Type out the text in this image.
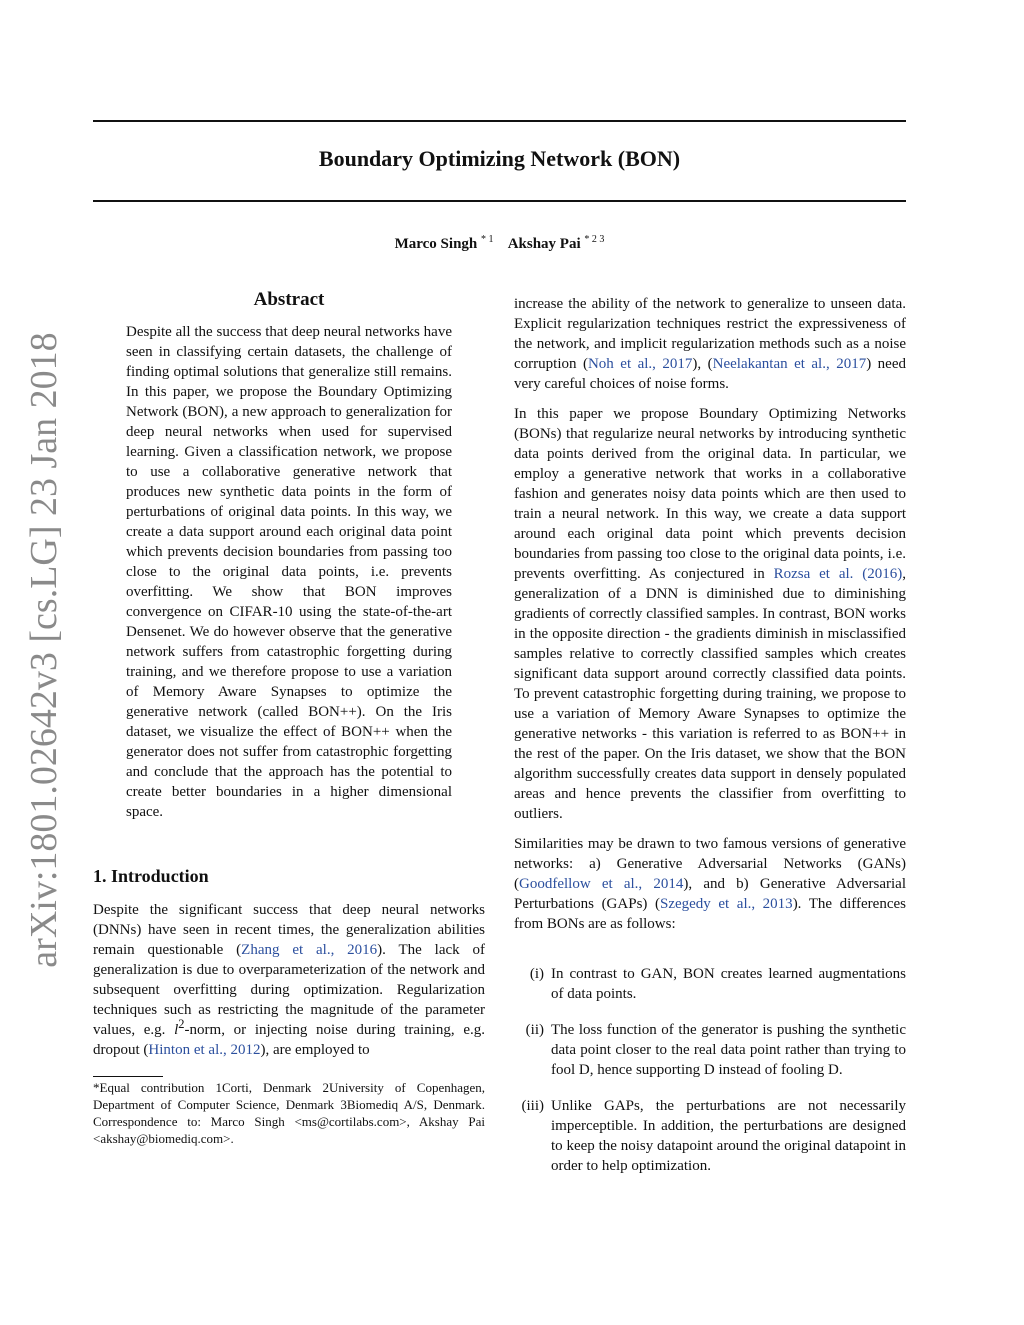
Boundary Optimizing Network (BON)
Marco Singh $^{* 1}$ Akshay Pai $^{* 2 3}$
arXiv:1801.02642v3 [cs.LG] 23 Jan 2018
Abstract
Despite all the success that deep neural networks have seen in classifying certain datasets, the challenge of finding optimal solutions that generalize still remains. In this paper, we propose the Boundary Optimizing Network (BON), a new approach to generalization for deep neural networks when used for supervised learning. Given a classification network, we propose to use a collaborative generative network that produces new synthetic data points in the form of perturbations of original data points. In this way, we create a data support around each original data point which prevents decision boundaries from passing too close to the original data points, i.e. prevents overfitting. We show that BON improves convergence on CIFAR-10 using the state-of-the-art Densenet. We do however observe that the generative network suffers from catastrophic forgetting during training, and we therefore propose to use a variation of Memory Aware Synapses to optimize the generative network (called BON++). On the Iris dataset, we visualize the effect of BON++ when the generator does not suffer from catastrophic forgetting and conclude that the approach has the potential to create better boundaries in a higher dimensional space.
1. Introduction

Despite the significant success that deep neural networks (DNNs) have seen in recent times, the generalization abilities remain questionable (Zhang et al., 2016). The lack of generalization is due to overparameterization of the network and subsequent overfitting during optimization. Regularization techniques such as restricting the magnitude of the parameter values, e.g. $l^2$-norm, or injecting noise during training, e.g. dropout (Hinton et al., 2012), are employed to

*Equal contribution 1Corti, Denmark 2University of Copenhagen, Department of Computer Science, Denmark 3Biomediq A/S, Denmark. Correspondence to: Marco Singh <ms@cortilabs.com>, Akshay Pai <akshay@biomediq.com>.

increase the ability of the network to generalize to unseen data. Explicit regularization techniques restrict the expressiveness of the network, and implicit regularization methods such as a noise corruption (Noh et al., 2017), (Neelakantan et al., 2017) need very careful choices of noise forms.

In this paper we propose Boundary Optimizing Networks (BONs) that regularize neural networks by introducing synthetic data points derived from the original data. In particular, we employ a generative network that works in a collaborative fashion and generates noisy data points which are then used to train a neural network. In this way, we create a data support around each original data point which prevents decision boundaries from passing too close to the original data points, i.e. prevents overfitting. As conjectured in Rozsa et al. (2016), generalization of a DNN is diminished due to diminishing gradients of correctly classified samples. In contrast, BON works in the opposite direction - the gradients diminish in misclassified samples relative to correctly classified samples which creates significant data support around correctly classified data points. To prevent catastrophic forgetting during training, we propose to use a variation of Memory Aware Synapses to optimize the generative networks - this variation is referred to as BON++ in the rest of the paper. On the Iris dataset, we show that the BON algorithm successfully creates data support in densely populated areas and hence prevents the classifier from overfitting to outliers.

Similarities may be drawn to two famous versions of generative networks: a) Generative Adversarial Networks (GANs) (Goodfellow et al., 2014), and b) Generative Adversarial Perturbations (GAPs) (Szegedy et al., 2013). The differences from BONs are as follows:

(i) In contrast to GAN, BON creates learned augmentations of data points.
(ii) The loss function of the generator is pushing the synthetic data point closer to the real data point rather than trying to fool D, hence supporting D instead of fooling D.
(iii) Unlike GAPs, the perturbations are not necessarily imperceptible. In addition, the perturbations are designed to keep the noisy datapoint around the original datapoint in order to help optimization.
